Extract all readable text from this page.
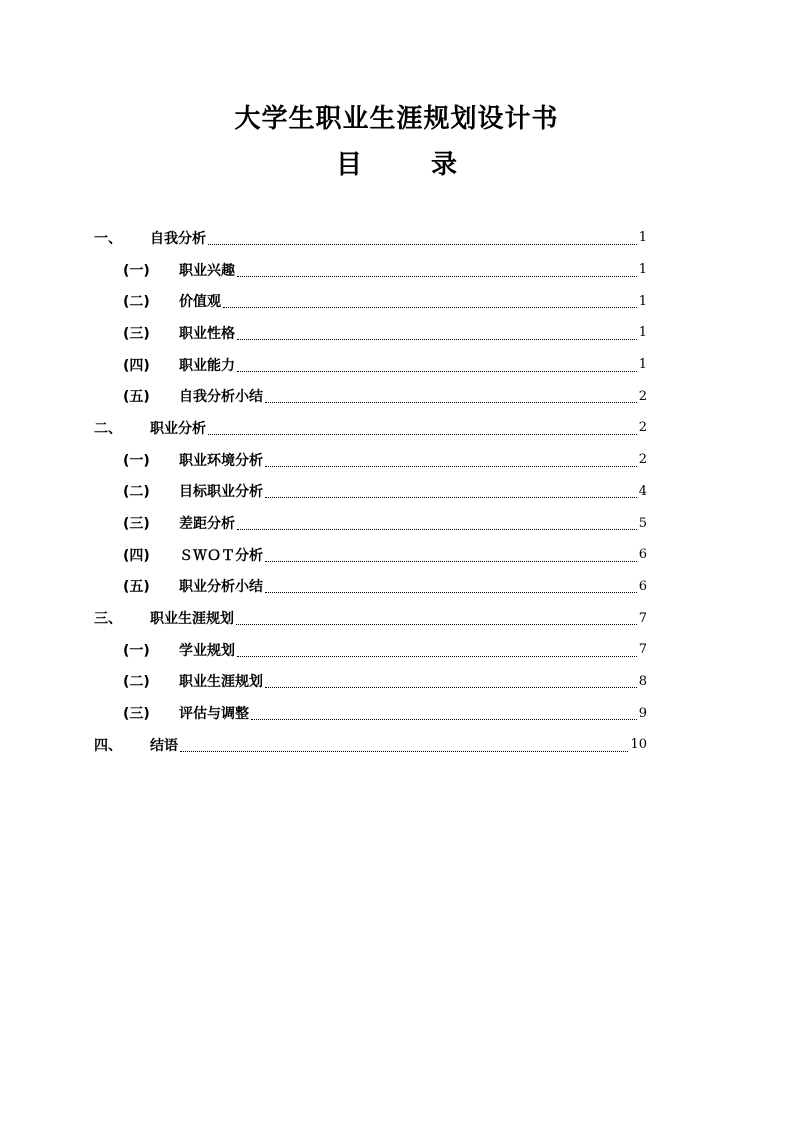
大学生职业生涯规划设计书
目 录
一、	自我分析	1
(一)	职业兴趣	1
(二)	价值观	1
(三)	职业性格	1
(四)	职业能力	1
(五)	自我分析小结	2
二、	职业分析	2
(一)	职业环境分析	2
(二)	目标职业分析	4
(三)	差距分析	5
(四)	ＳＷＯＴ分析	6
(五)	职业分析小结	6
三、	职业生涯规划	7
(一)	学业规划	7
(二)	职业生涯规划	8
(三)	评估与调整	9
四、	结语	10
